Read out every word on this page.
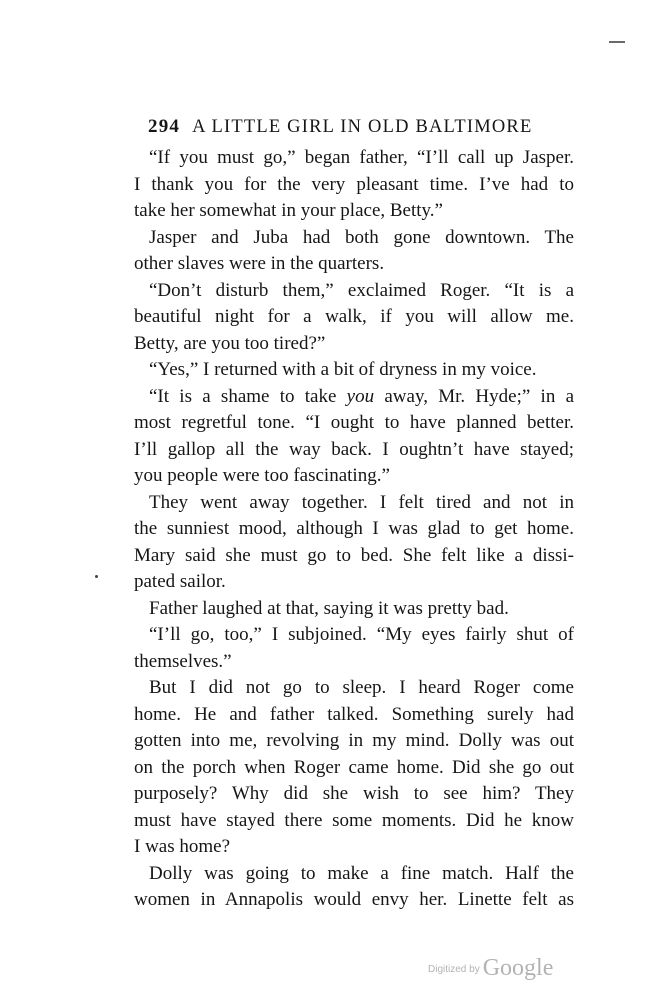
294 A LITTLE GIRL IN OLD BALTIMORE
“If you must go,” began father, “I’ll call up Jasper.
I thank you for the very pleasant time. I’ve had to
take her somewhat in your place, Betty.”
Jasper and Juba had both gone downtown. The
other slaves were in the quarters.
“Don’t disturb them,” exclaimed Roger. “It is a
beautiful night for a walk, if you will allow me.
Betty, are you too tired?”
“Yes,” I returned with a bit of dryness in my voice.
“It is a shame to take you away, Mr. Hyde;” in a
most regretful tone. “I ought to have planned better.
I’ll gallop all the way back. I oughtn’t have stayed;
you people were too fascinating.”
They went away together. I felt tired and not in
the sunniest mood, although I was glad to get home.
Mary said she must go to bed. She felt like a dissi-
pated sailor.
Father laughed at that, saying it was pretty bad.
“I’ll go, too,” I subjoined. “My eyes fairly shut of
themselves.”
But I did not go to sleep. I heard Roger come
home. He and father talked. Something surely had
gotten into me, revolving in my mind. Dolly was out
on the porch when Roger came home. Did she go out
purposely? Why did she wish to see him? They
must have stayed there some moments. Did he know
I was home?
Dolly was going to make a fine match. Half the
women in Annapolis would envy her. Linette felt as
Digitized by Google
